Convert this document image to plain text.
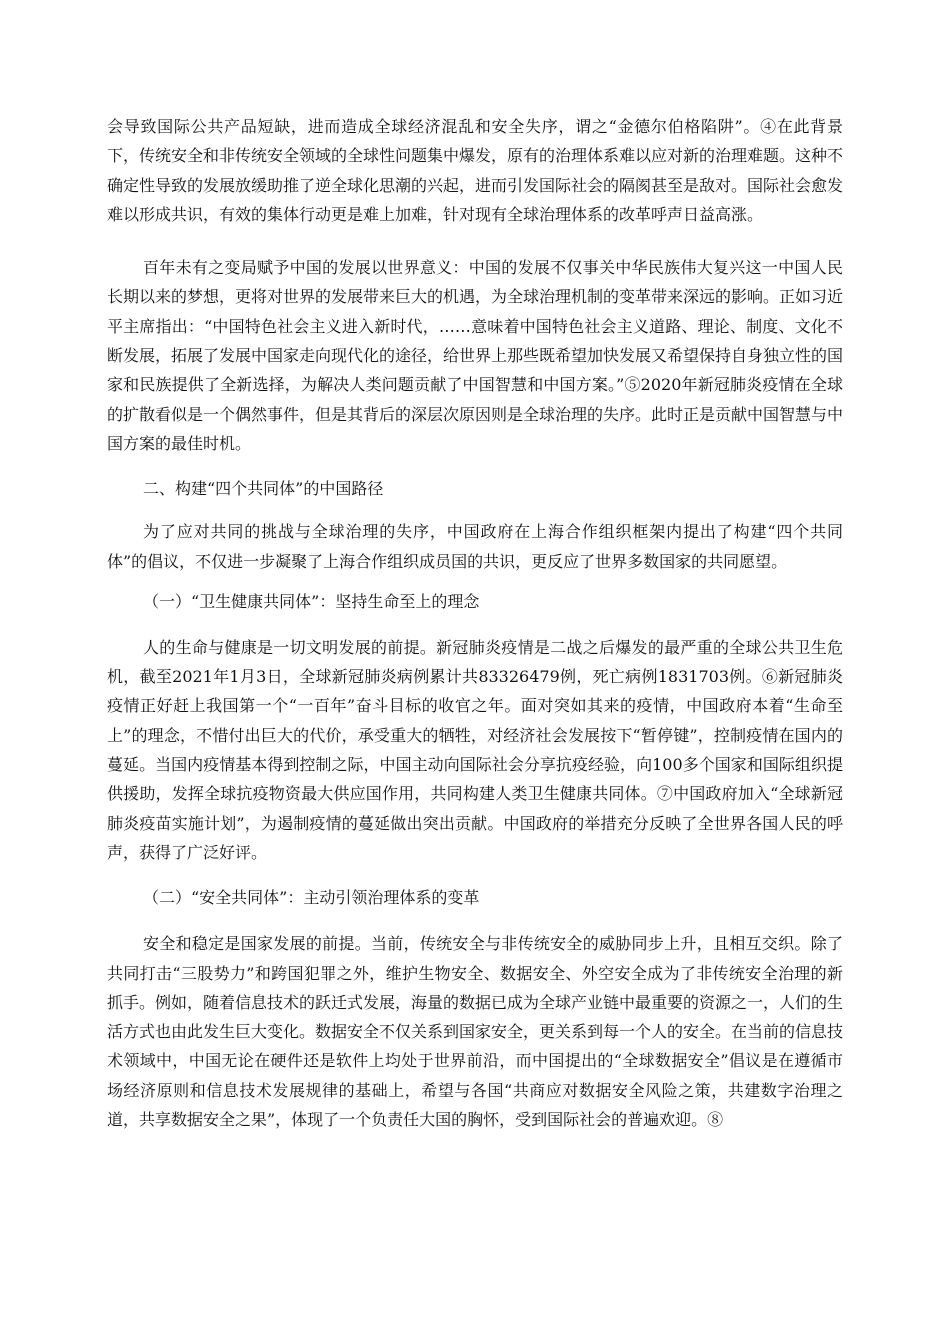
会导致国际公共产品短缺，进而造成全球经济混乱和安全失序，谓之“金德尔伯格陷阱”。④在此背景下，传统安全和非传统安全领域的全球性问题集中爆发，原有的治理体系难以应对新的治理难题。这种不确定性导致的发展放缓助推了逆全球化思潮的兴起，进而引发国际社会的隔阂甚至是敌对。国际社会愈发难以形成共识，有效的集体行动更是难上加难，针对现有全球治理体系的改革呼声日益高涨。

百年未有之变局赋予中国的发展以世界意义：中国的发展不仅事关中华民族伟大复兴这一中国人民长期以来的梦想，更将对世界的发展带来巨大的机遇，为全球治理机制的变革带来深远的影响。正如习近平主席指出：“中国特色社会主义进入新时代，……意味着中国特色社会主义道路、理论、制度、文化不断发展，拓展了发展中国家走向现代化的途径，给世界上那些既希望加快发展又希望保持自身独立性的国家和民族提供了全新选择，为解决人类问题贡献了中国智慧和中国方案。”⑤2020年新冠肺炎疫情在全球的扩散看似是一个偶然事件，但是其背后的深层次原因则是全球治理的失序。此时正是贡献中国智慧与中国方案的最佳时机。

二、构建“四个共同体”的中国路径

为了应对共同的挑战与全球治理的失序，中国政府在上海合作组织框架内提出了构建“四个共同体”的倡议，不仅进一步凝聚了上海合作组织成员国的共识，更反应了世界多数国家的共同愿望。

（一）“卫生健康共同体”：坚持生命至上的理念

人的生命与健康是一切文明发展的前提。新冠肺炎疫情是二战之后爆发的最严重的全球公共卫生危机，截至2021年1月3日，全球新冠肺炎病例累计共83326479例，死亡病例1831703例。⑥新冠肺炎疫情正好赶上我国第一个“一百年”奋斗目标的收官之年。面对突如其来的疫情，中国政府本着“生命至上”的理念，不惜付出巨大的代价，承受重大的牺牲，对经济社会发展按下“暂停键”，控制疫情在国内的蔓延。当国内疫情基本得到控制之际，中国主动向国际社会分享抗疫经验，向100多个国家和国际组织提供援助，发挥全球抗疫物资最大供应国作用，共同构建人类卫生健康共同体。⑦中国政府加入“全球新冠肺炎疫苗实施计划”，为遏制疫情的蔓延做出突出贡献。中国政府的举措充分反映了全世界各国人民的呼声，获得了广泛好评。

（二）“安全共同体”：主动引领治理体系的变革

安全和稳定是国家发展的前提。当前，传统安全与非传统安全的威胁同步上升，且相互交织。除了共同打击“三股势力”和跨国犯罪之外，维护生物安全、数据安全、外空安全成为了非传统安全治理的新抓手。例如，随着信息技术的跃迁式发展，海量的数据已成为全球产业链中最重要的资源之一，人们的生活方式也由此发生巨大变化。数据安全不仅关系到国家安全，更关系到每一个人的安全。在当前的信息技术领域中，中国无论在硬件还是软件上均处于世界前沿，而中国提出的“全球数据安全”倡议是在遵循市场经济原则和信息技术发展规律的基础上，希望与各国“共商应对数据安全风险之策，共建数字治理之道，共享数据安全之果”，体现了一个负责任大国的胸怀，受到国际社会的普遍欢迎。⑧
